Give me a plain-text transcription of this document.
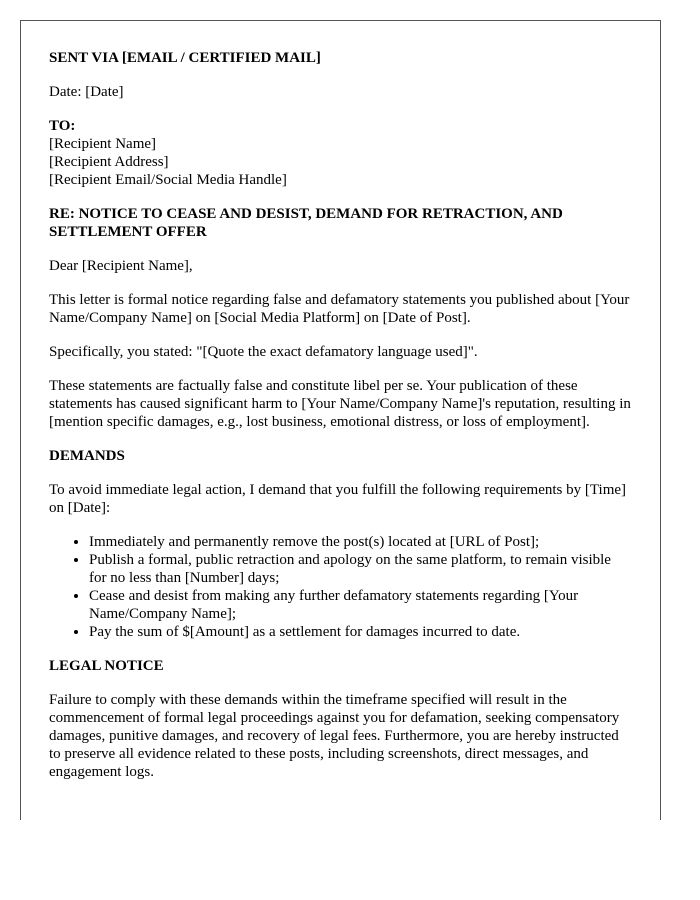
SENT VIA [EMAIL / CERTIFIED MAIL]

Date: [Date]

TO:
[Recipient Name]
[Recipient Address]
[Recipient Email/Social Media Handle]

RE: NOTICE TO CEASE AND DESIST, DEMAND FOR RETRACTION, AND SETTLEMENT OFFER

Dear [Recipient Name],

This letter is formal notice regarding false and defamatory statements you published about [Your Name/Company Name] on [Social Media Platform] on [Date of Post].

Specifically, you stated: "[Quote the exact defamatory language used]".

These statements are factually false and constitute libel per se. Your publication of these statements has caused significant harm to [Your Name/Company Name]'s reputation, resulting in [mention specific damages, e.g., lost business, emotional distress, or loss of employment].

DEMANDS

To avoid immediate legal action, I demand that you fulfill the following requirements by [Time] on [Date]:

• Immediately and permanently remove the post(s) located at [URL of Post];
• Publish a formal, public retraction and apology on the same platform, to remain visible for no less than [Number] days;
• Cease and desist from making any further defamatory statements regarding [Your Name/Company Name];
• Pay the sum of $[Amount] as a settlement for damages incurred to date.

LEGAL NOTICE

Failure to comply with these demands within the timeframe specified will result in the commencement of formal legal proceedings against you for defamation, seeking compensatory damages, punitive damages, and recovery of legal fees. Furthermore, you are hereby instructed to preserve all evidence related to these posts, including screenshots, direct messages, and engagement logs.
